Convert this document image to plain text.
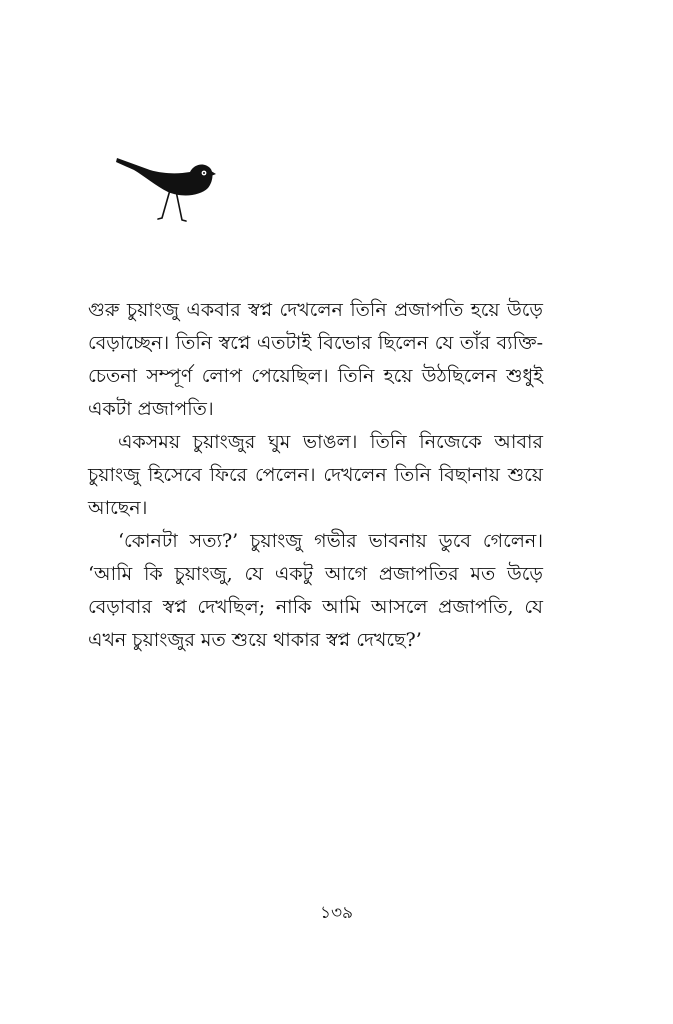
গুরু চুয়াংজু একবার স্বপ্ন দেখলেন তিনি প্রজাপতি হয়ে উড়ে বেড়াচ্ছেন। তিনি স্বপ্নে এতটাই বিভোর ছিলেন যে তাঁর ব্যক্তি-চেতনা সম্পূর্ণ লোপ পেয়েছিল। তিনি হয়ে উঠছিলেন শুধুই একটা প্রজাপতি।

একসময় চুয়াংজুর ঘুম ভাঙল। তিনি নিজেকে আবার চুয়াংজু হিসেবে ফিরে পেলেন। দেখলেন তিনি বিছানায় শুয়ে আছেন।

‘কোনটা সত্য?’ চুয়াংজু গভীর ভাবনায় ডুবে গেলেন। ‘আমি কি চুয়াংজু, যে একটু আগে প্রজাপতির মত উড়ে বেড়াবার স্বপ্ন দেখছিল; নাকি আমি আসলে প্রজাপতি, যে এখন চুয়াংজুর মত শুয়ে থাকার স্বপ্ন দেখছে?’

১৩৯
